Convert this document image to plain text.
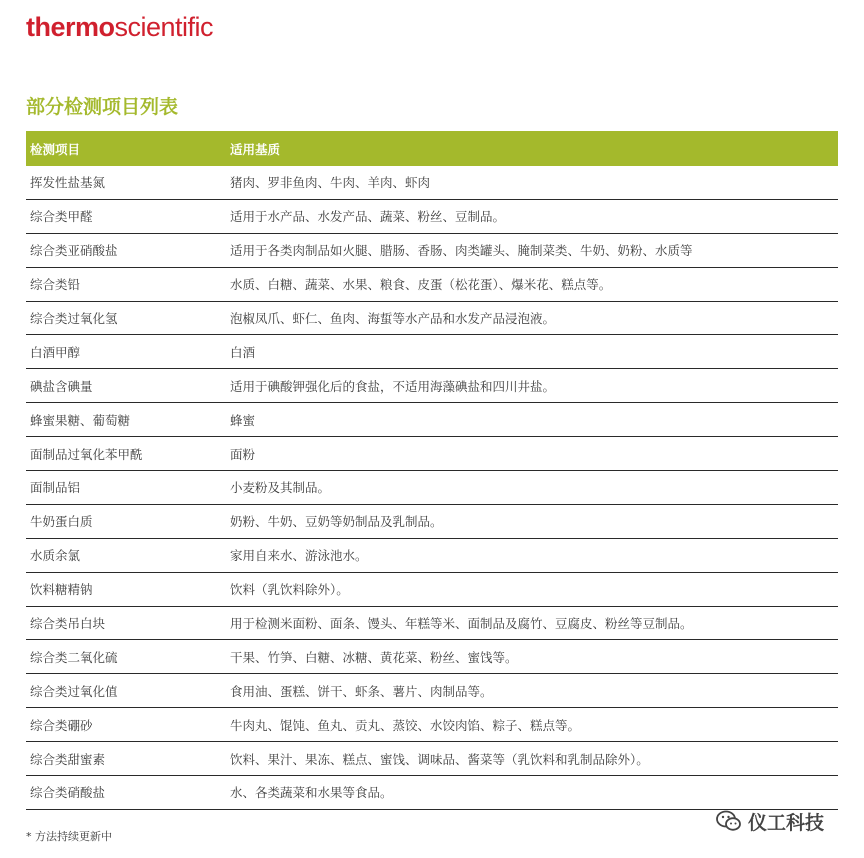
thermoscientific
部分检测项目列表
检测项目	适用基质
挥发性盐基氮	猪肉、罗非鱼肉、牛肉、羊肉、虾肉
综合类甲醛	适用于水产品、水发产品、蔬菜、粉丝、豆制品。
综合类亚硝酸盐	适用于各类肉制品如火腿、腊肠、香肠、肉类罐头、腌制菜类、牛奶、奶粉、水质等
综合类铅	水质、白糖、蔬菜、水果、粮食、皮蛋（松花蛋）、爆米花、糕点等。
综合类过氧化氢	泡椒凤爪、虾仁、鱼肉、海蜇等水产品和水发产品浸泡液。
白酒甲醇	白酒
碘盐含碘量	适用于碘酸钾强化后的食盐，不适用海藻碘盐和四川井盐。
蜂蜜果糖、葡萄糖	蜂蜜
面制品过氧化苯甲酰	面粉
面制品铝	小麦粉及其制品。
牛奶蛋白质	奶粉、牛奶、豆奶等奶制品及乳制品。
水质余氯	家用自来水、游泳池水。
饮料糖精钠	饮料（乳饮料除外）。
综合类吊白块	用于检测米面粉、面条、馒头、年糕等米、面制品及腐竹、豆腐皮、粉丝等豆制品。
综合类二氧化硫	干果、竹笋、白糖、冰糖、黄花菜、粉丝、蜜饯等。
综合类过氧化值	食用油、蛋糕、饼干、虾条、薯片、肉制品等。
综合类硼砂	牛肉丸、馄饨、鱼丸、贡丸、蒸饺、水饺肉馅、粽子、糕点等。
综合类甜蜜素	饮料、果汁、果冻、糕点、蜜饯、调味品、酱菜等（乳饮料和乳制品除外）。
综合类硝酸盐	水、各类蔬菜和水果等食品。
* 方法持续更新中
仪工科技
